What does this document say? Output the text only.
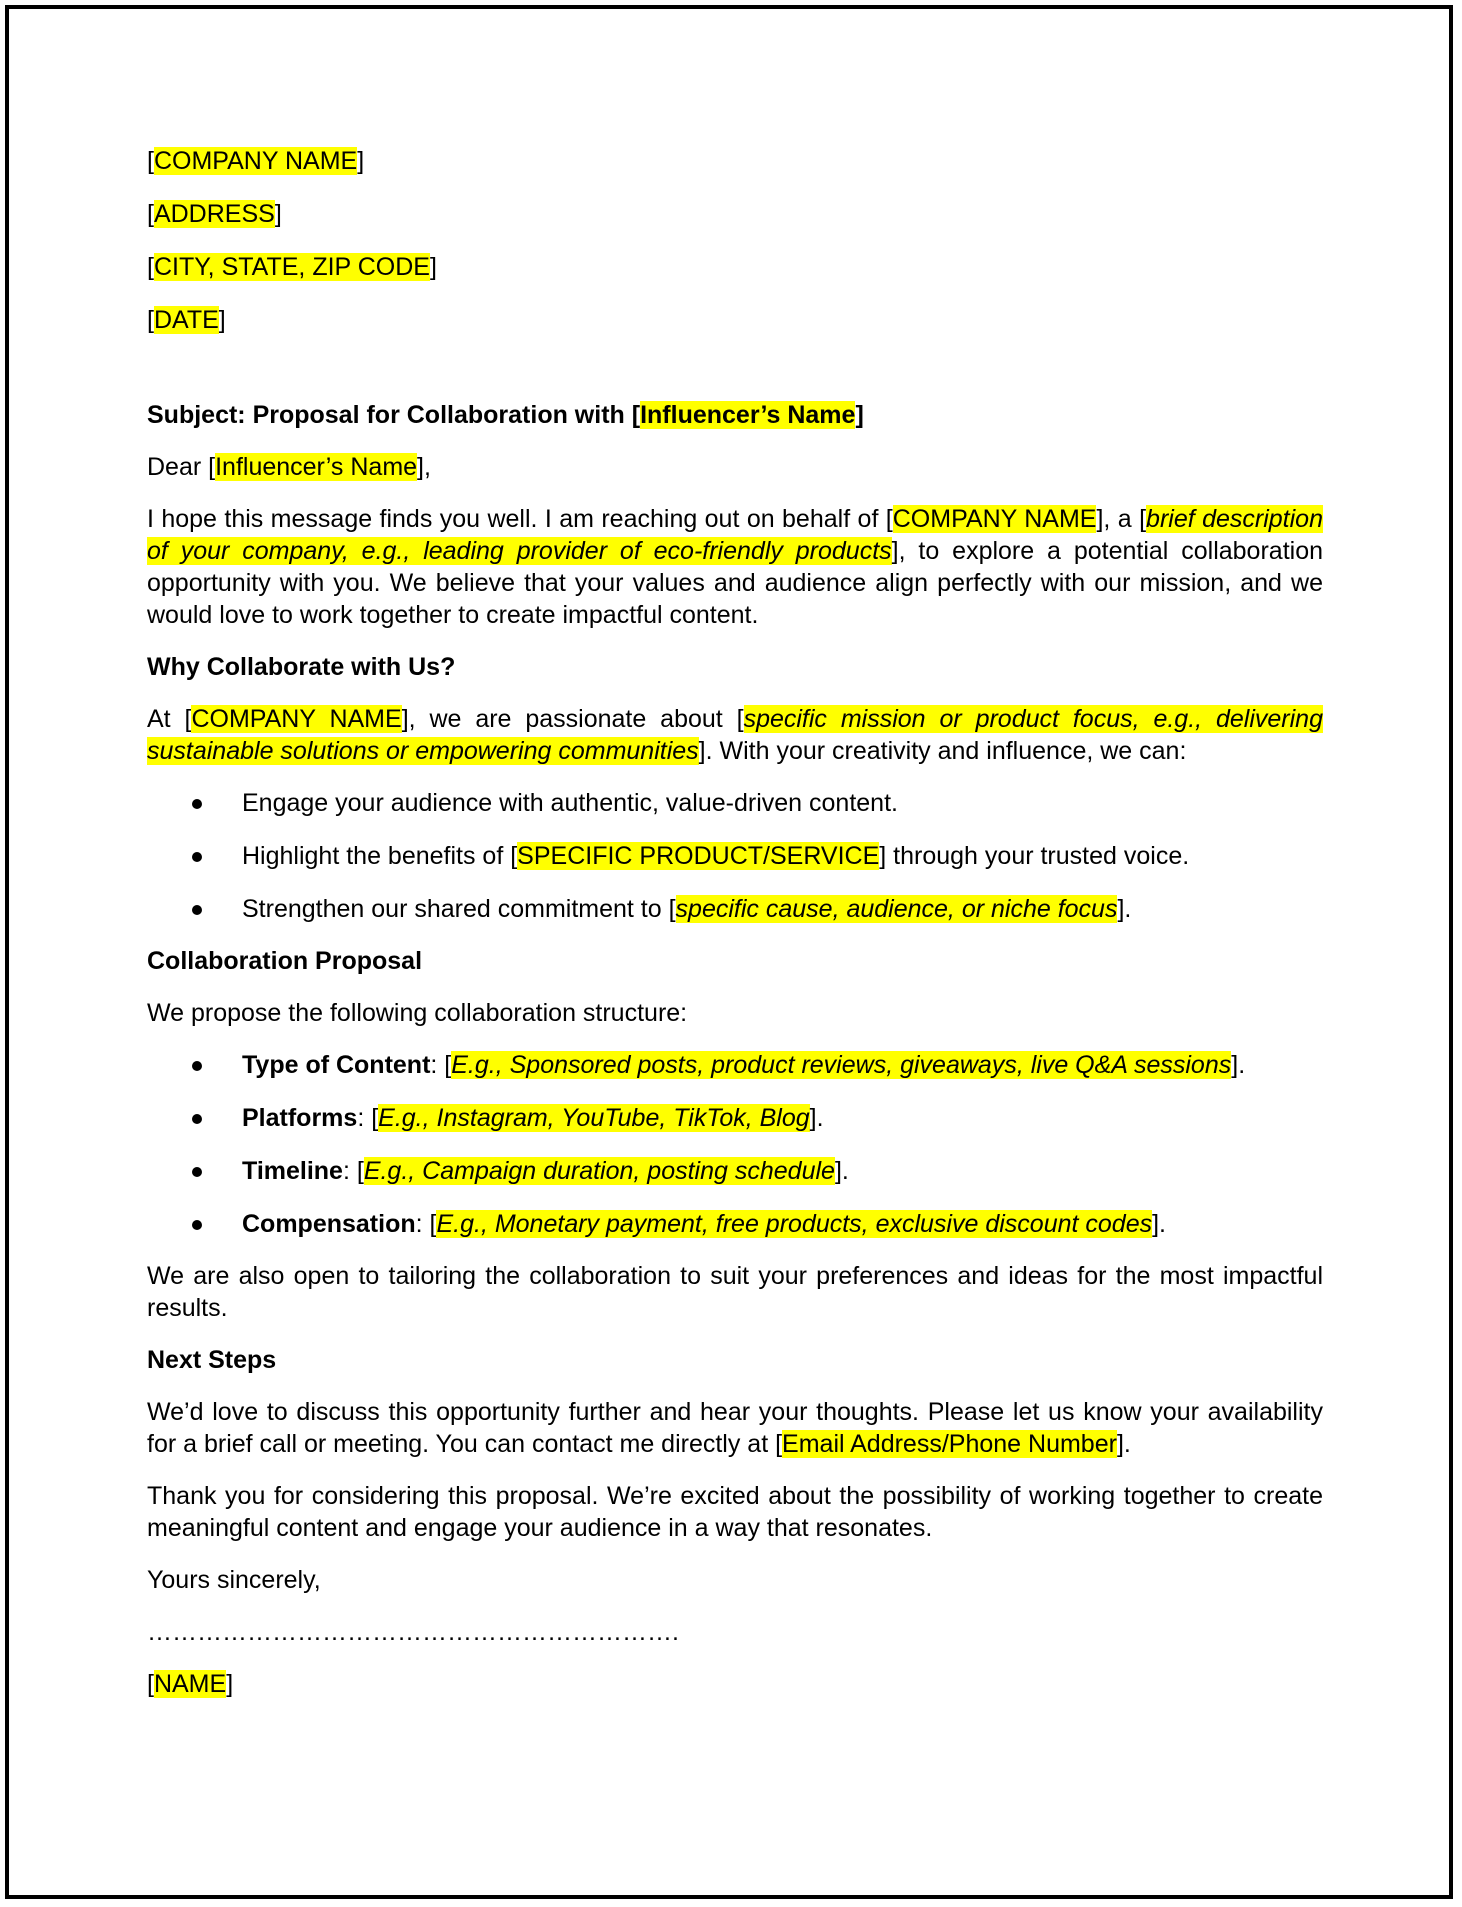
[COMPANY NAME]
[ADDRESS]
[CITY, STATE, ZIP CODE]
[DATE]
Subject: Proposal for Collaboration with [Influencer’s Name]
Dear [Influencer’s Name],
I hope this message finds you well. I am reaching out on behalf of [COMPANY NAME], a [brief description of your company, e.g., leading provider of eco-friendly products], to explore a potential collaboration opportunity with you. We believe that your values and audience align perfectly with our mission, and we would love to work together to create impactful content.
Why Collaborate with Us?
At [COMPANY NAME], we are passionate about [specific mission or product focus, e.g., delivering sustainable solutions or empowering communities]. With your creativity and influence, we can:
Engage your audience with authentic, value-driven content.
Highlight the benefits of [SPECIFIC PRODUCT/SERVICE] through your trusted voice.
Strengthen our shared commitment to [specific cause, audience, or niche focus].
Collaboration Proposal
We propose the following collaboration structure:
Type of Content: [E.g., Sponsored posts, product reviews, giveaways, live Q&A sessions].
Platforms: [E.g., Instagram, YouTube, TikTok, Blog].
Timeline: [E.g., Campaign duration, posting schedule].
Compensation: [E.g., Monetary payment, free products, exclusive discount codes].
We are also open to tailoring the collaboration to suit your preferences and ideas for the most impactful results.
Next Steps
We’d love to discuss this opportunity further and hear your thoughts. Please let us know your availability for a brief call or meeting. You can contact me directly at [Email Address/Phone Number].
Thank you for considering this proposal. We’re excited about the possibility of working together to create meaningful content and engage your audience in a way that resonates.
Yours sincerely,
……………………………………………………….
[NAME]
